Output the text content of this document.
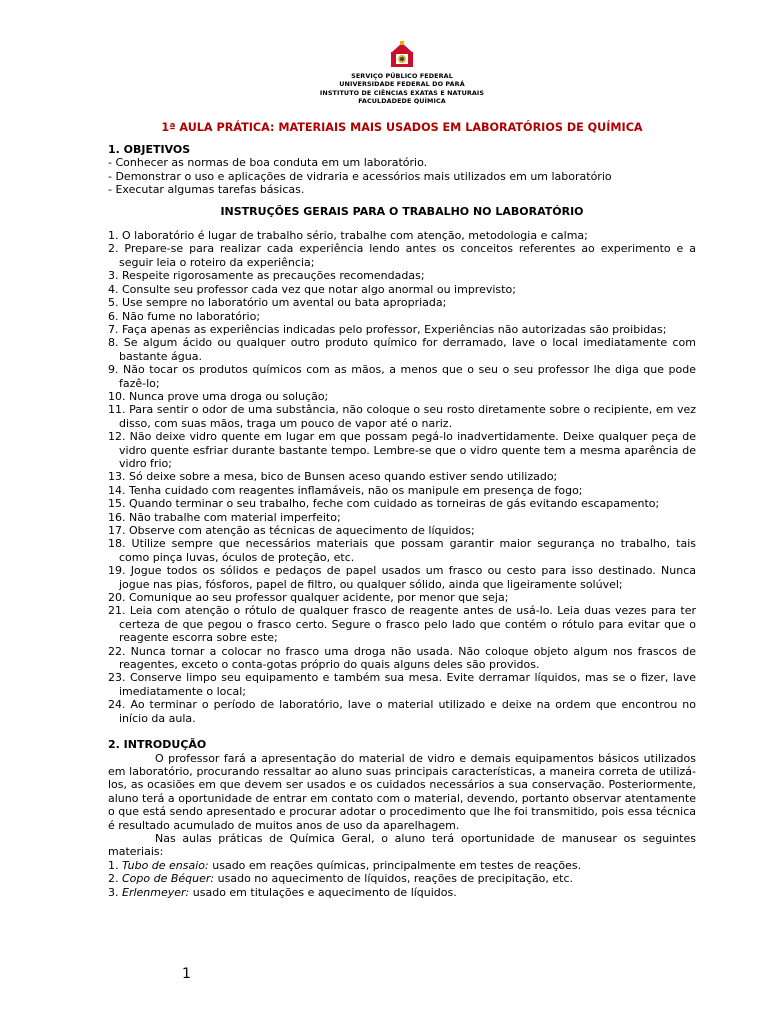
SERVIÇO PÚBLICO FEDERAL
UNIVERSIDADE FEDERAL DO PARÁ
INSTITUTO DE CIÊNCIAS EXATAS E NATURAIS
FACULDADEDE QUÍMICA
1ª AULA PRÁTICA: MATERIAIS MAIS USADOS EM LABORATÓRIOS DE QUÍMICA
1. OBJETIVOS

- Conhecer as normas de boa conduta em um laboratório.

- Demonstrar o uso e aplicações de vidraria e acessórios mais utilizados em um laboratório

- Executar algumas tarefas básicas.

INSTRUÇÕES GERAIS PARA O TRABALHO NO LABORATÓRIO

1. O laboratório é lugar de trabalho sério, trabalhe com atenção, metodologia e calma;

2. Prepare-se para realizar cada experiência lendo antes os conceitos referentes ao experimento e a seguir leia o roteiro da experiência;

3. Respeite rigorosamente as precauções recomendadas;

4. Consulte seu professor cada vez que notar algo anormal ou imprevisto;

5. Use sempre no laboratório um avental ou bata apropriada;

6. Não fume no laboratório;

7. Faça apenas as experiências indicadas pelo professor, Experiências não autorizadas são proibidas;

8. Se algum ácido ou qualquer outro produto químico for derramado, lave o local imediatamente com bastante água.

9. Não tocar os produtos químicos com as mãos, a menos que o seu o seu professor lhe diga que pode fazê-lo;

10. Nunca prove uma droga ou solução;

11. Para sentir o odor de uma substância, não coloque o seu rosto diretamente sobre o recipiente, em vez disso, com suas mãos, traga um pouco de vapor até o nariz.

12. Não deixe vidro quente em lugar em que possam pegá-lo inadvertidamente. Deixe qualquer peça de vidro quente esfriar durante bastante tempo. Lembre-se que o vidro quente tem a mesma aparência de vidro frio;

13. Só deixe sobre a mesa, bico de Bunsen aceso quando estiver sendo utilizado;

14. Tenha cuidado com reagentes inflamáveis, não os manipule em presença de fogo;

15. Quando terminar o seu trabalho, feche com cuidado as torneiras de gás evitando escapamento;

16. Não trabalhe com material imperfeito;

17. Observe com atenção as técnicas de aquecimento de líquidos;

18. Utilize sempre que necessários materiais que possam garantir maior segurança no trabalho, tais como pinça luvas, óculos de proteção, etc.

19. Jogue todos os sólidos e pedaços de papel usados um frasco ou cesto para isso destinado. Nunca jogue nas pias, fósforos, papel de filtro, ou qualquer sólido, ainda que ligeiramente solúvel;

20. Comunique ao seu professor qualquer acidente, por menor que seja;

21. Leia com atenção o rótulo de qualquer frasco de reagente antes de usá-lo. Leia duas vezes para ter certeza de que pegou o frasco certo. Segure o frasco pelo lado que contém o rótulo para evitar que o reagente escorra sobre este;

22. Nunca tornar a colocar no frasco uma droga não usada. Não coloque objeto algum nos frascos de reagentes, exceto o conta-gotas próprio do quais alguns deles são providos.

23. Conserve limpo seu equipamento e também sua mesa. Evite derramar líquidos, mas se o fizer, lave imediatamente o local;

24. Ao terminar o período de laboratório, lave o material utilizado e deixe na ordem que encontrou no início da aula.

2. INTRODUÇÃO

O professor fará a apresentação do material de vidro e demais equipamentos básicos utilizados em laboratório, procurando ressaltar ao aluno suas principais características, a maneira correta de utilizá-los, as ocasiões em que devem ser usados e os cuidados necessários a sua conservação. Posteriormente, aluno terá a oportunidade de entrar em contato com o material, devendo, portanto observar atentamente o que está sendo apresentado e procurar adotar o procedimento que lhe foi transmitido, pois essa técnica é resultado acumulado de muitos anos de uso da aparelhagem.

Nas aulas práticas de Química Geral, o aluno terá oportunidade de manusear os seguintes materiais:

1. Tubo de ensaio: usado em reações químicas, principalmente em testes de reações.

2. Copo de Béquer: usado no aquecimento de líquidos, reações de precipitação, etc.

3. Erlenmeyer: usado em titulações e aquecimento de líquidos.

1
